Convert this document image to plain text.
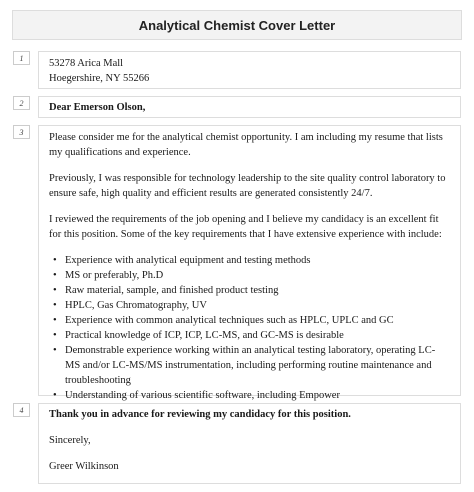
Analytical Chemist Cover Letter
1	53278 Arica Mall
Hoegershire, NY 55266
2	Dear Emerson Olson,
3	Please consider me for the analytical chemist opportunity. I am including my resume that lists my qualifications and experience.

Previously, I was responsible for technology leadership to the site quality control laboratory to ensure safe, high quality and efficient results are generated consistently 24/7.

I reviewed the requirements of the job opening and I believe my candidacy is an excellent fit for this position. Some of the key requirements that I have extensive experience with include:

• Experience with analytical equipment and testing methods
• MS or preferably, Ph.D
• Raw material, sample, and finished product testing
• HPLC, Gas Chromatography, UV
• Experience with common analytical techniques such as HPLC, UPLC and GC
• Practical knowledge of ICP, ICP, LC-MS, and GC-MS is desirable
• Demonstrable experience working within an analytical testing laboratory, operating LC-MS and/or LC-MS/MS instrumentation, including performing routine maintenance and troubleshooting
• Understanding of various scientific software, including Empower
4	Thank you in advance for reviewing my candidacy for this position.

Sincerely,

Greer Wilkinson
